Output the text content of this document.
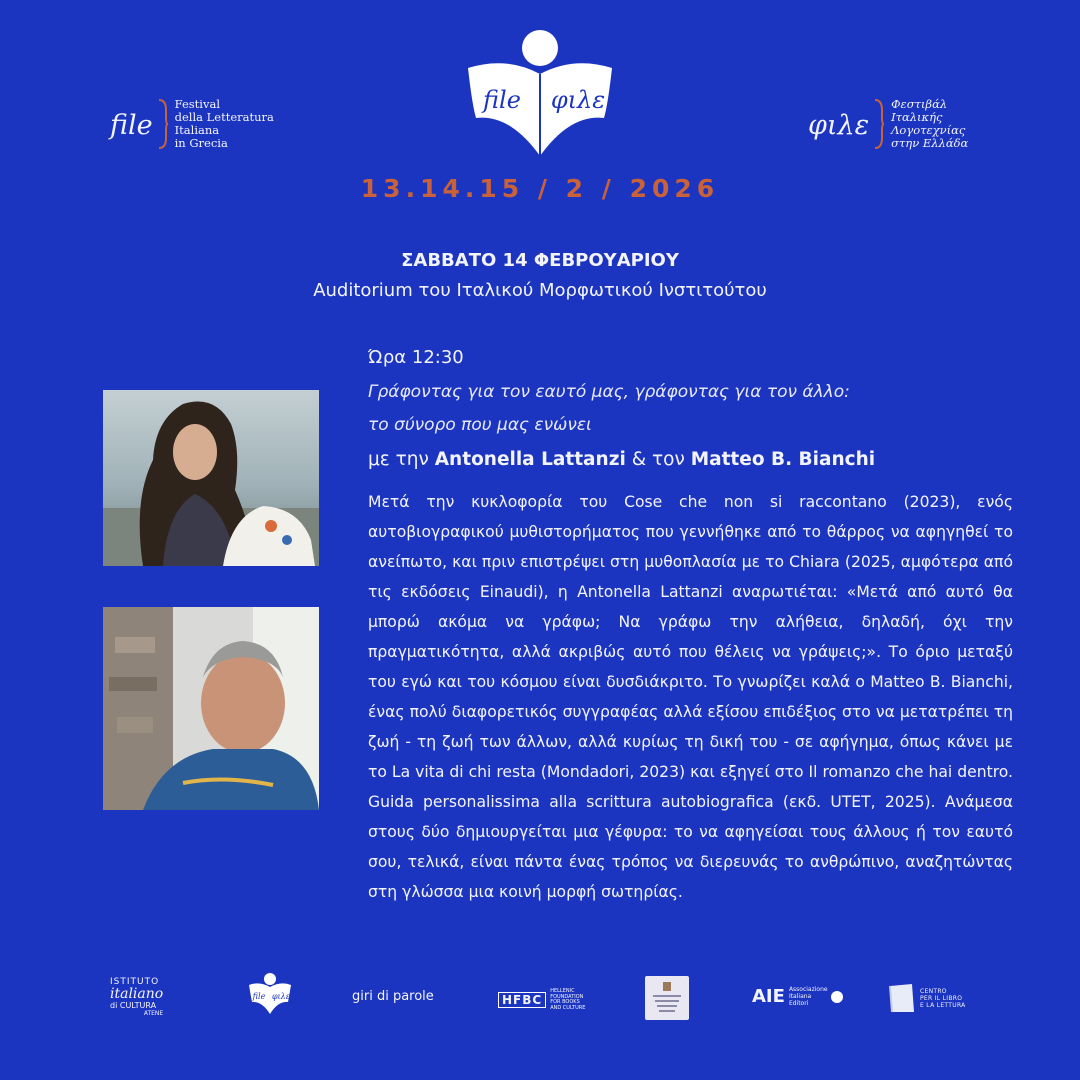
file
Festival
della Letteratura
Italiana
in Grecia
file φιλε
φιλε
Φεστιβάλ
Ιταλικής
Λογοτεχνίας
στην Ελλάδα
13.14.15 / 2 / 2026
ΣΑΒΒΑΤΟ 14 ΦΕΒΡΟΥΑΡΙΟΥ
Auditorium του Ιταλικού Μορφωτικού Ινστιτούτου
Ώρα 12:30
Γράφοντας για τον εαυτό μας, γράφοντας για τον άλλο:
το σύνορο που μας ενώνει
με την Antonella Lattanzi & τον Matteo B. Bianchi
Μετά την κυκλοφορία του Cose che non si raccontano (2023), ενός αυτοβιογραφικού μυθιστορήματος που γεννήθηκε από το θάρρος να αφηγηθεί το ανείπωτο, και πριν επιστρέψει στη μυθοπλασία με το Chiara (2025, αμφότερα από τις εκδόσεις Einaudi), η Antonella Lattanzi αναρωτιέται: «Μετά από αυτό θα μπορώ ακόμα να γράφω; Να γράφω την αλήθεια, δηλαδή, όχι την πραγματικότητα, αλλά ακριβώς αυτό που θέλεις να γράψεις;». Το όριο μεταξύ του εγώ και του κόσμου είναι δυσδιάκριτο. Το γνωρίζει καλά ο Matteo B. Bianchi, ένας πολύ διαφορετικός συγγραφέας αλλά εξίσου επιδέξιος στο να μετατρέπει τη ζωή - τη ζωή των άλλων, αλλά κυρίως τη δική του - σε αφήγημα, όπως κάνει με το La vita di chi resta (Mondadori, 2023) και εξηγεί στο Il romanzo che hai dentro. Guida personalissima alla scrittura autobiografica (εκδ. UTET, 2025). Ανάμεσα στους δύο δημιουργείται μια γέφυρα: το να αφηγείσαι τους άλλους ή τον εαυτό σου, τελικά, είναι πάντα ένας τρόπος να διερευνάς το ανθρώπινο, αναζητώντας στη γλώσσα μια κοινή μορφή σωτηρίας.
ISTITUTO
italiano
di CULTURA
ATENE
file φιλε	giri di parole	HFBC
HELLENIC
FOUNDATION
FOR BOOKS
AND CULTURE
AIE Associazione
Italiana
Editori
CENTRO
PER IL LIBRO
E LA LETTURA
